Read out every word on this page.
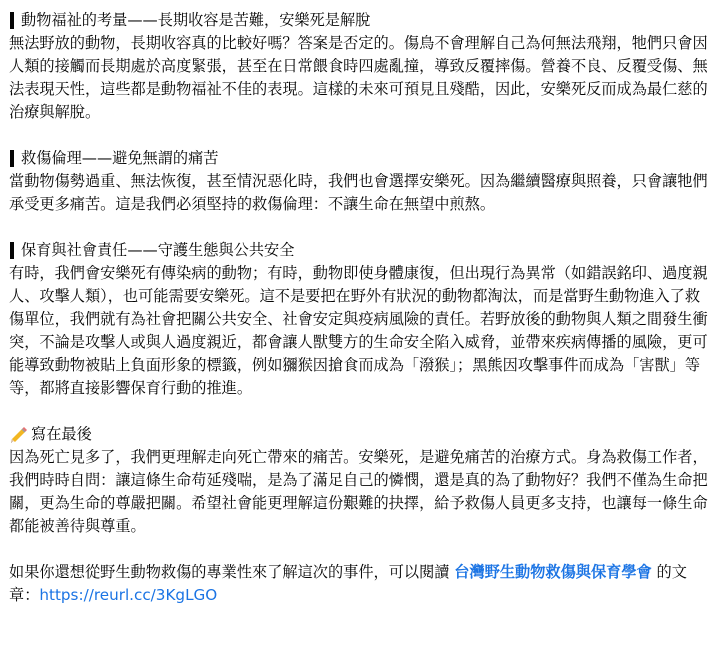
動物福祉的考量——長期收容是苦難，安樂死是解脫

無法野放的動物，長期收容真的比較好嗎？答案是否定的。傷鳥不會理解自己為何無法飛翔，牠們只會因人類的接觸而長期處於高度緊張，甚至在日常餵食時四處亂撞，導致反覆摔傷。營養不良、反覆受傷、無法表現天性，這些都是動物福祉不佳的表現。這樣的未來可預見且殘酷，因此，安樂死反而成為最仁慈的治療與解脫。

救傷倫理——避免無謂的痛苦

當動物傷勢過重、無法恢復，甚至情況惡化時，我們也會選擇安樂死。因為繼續醫療與照養，只會讓牠們承受更多痛苦。這是我們必須堅持的救傷倫理：不讓生命在無望中煎熬。

保育與社會責任——守護生態與公共安全

有時，我們會安樂死有傳染病的動物；有時，動物即使身體康復，但出現行為異常（如錯誤銘印、過度親人、攻擊人類），也可能需要安樂死。這不是要把在野外有狀況的動物都淘汰，而是當野生動物進入了救傷單位，我們就有為社會把關公共安全、社會安定與疫病風險的責任。若野放後的動物與人類之間發生衝突，不論是攻擊人或與人過度親近，都會讓人獸雙方的生命安全陷入威脅，並帶來疾病傳播的風險，更可能導致動物被貼上負面形象的標籤，例如獼猴因搶食而成為「潑猴」；黑熊因攻擊事件而成為「害獸」等等，都將直接影響保育行動的推進。

寫在最後

因為死亡見多了，我們更理解走向死亡帶來的痛苦。安樂死，是避免痛苦的治療方式。身為救傷工作者，我們時時自問：讓這條生命苟延殘喘，是為了滿足自己的憐憫，還是真的為了動物好？我們不僅為生命把關，更為生命的尊嚴把關。希望社會能更理解這份艱難的抉擇，給予救傷人員更多支持，也讓每一條生命都能被善待與尊重。

如果你還想從野生動物救傷的專業性來了解這次的事件，可以閱讀 台灣野生動物救傷與保育學會 的文章：https://reurl.cc/3KgLGO
